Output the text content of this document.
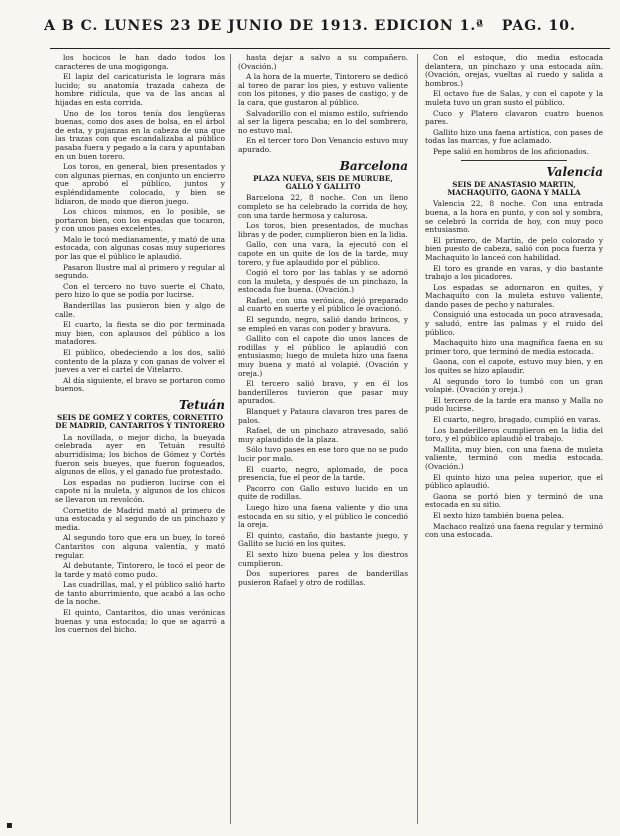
A B C. LUNES 23 DE JUNIO DE 1913. EDICION 1.ª PAG. 10.

los hocicos le han dado todos los caracteres de una mogigonga.

El lapiz del caricaturista le lograra más lucido; su anatomía trazada caheza de hombre ridícula, que va de las ancas al hijadas en esta corrida.

Uno de los toros tenía dos lengüeras buenas, como dos ases de bolsa, en el árbol de esta, y pujanzas en la cabeza de una que las trazas con que escandalizaba al público pasaba fuera y pegado a la cara y apuntaban en un buen torero.

Los toros, en general, bien presentados y con algunas piernas, en conjunto un encierro que aprobó el público, juntos y espléndidamente colocado, y bien se lidiaron, de modo que dieron juego.

Los chicos mismos, en lo posible, se portaron bien, con los espadas que tocaron, y con unos pases excelentes.

Malo le tocó medianamente, y mató de una estocada, con algunas cosas muy superiores por las que el público le aplaudió.

Pasaron Ilustre mal al primero y regular al segundo.

Con el tercero no tuvo suerte el Chato, pero hizo lo que se podía por lucirse.

Banderillas las pusieron bien y algo de calle.

El cuarto, la fiesta se dio por terminada muy bien, con aplausos del público a los matadores.

El público, obedeciendo a los dos, salió contento de la plaza y con ganas de volver el jueves a ver el cartel de Vitelarro.

Al día siguiente, el bravo se portaron como buenos.

Tetuán
SEIS DE GOMEZ Y CORTES, CORNETITO DE MADRID, CANTARITOS Y TINTORERO

La novillada, o mejor dicho, la bueyada celebrada ayer en Tetuán resultó aburridísima; los bichos de Gómez y Cortés fueron seis bueyes, que fueron fogueados, algunos de ellos, y el ganado fue protestado.

Los espadas no pudieron lucirse con el capote ni la muleta, y algunos de los chicos se llevaron un revolcón.

Cornetito de Madrid mató al primero de una estocada y al segundo de un pinchazo y media.

Al segundo toro que era un buey, lo toreó Cantaritos con alguna valentía, y mató regular.

Al debutante, Tintorero, le tocó el peor de la tarde y mató como pudo.

Las cuadrillas, mal, y el público salió harto de tanto aburrimiento, que acabó a las ocho de la noche.

El quinto, Cantaritos, dio unas verónicas buenas y una estocada; lo que se agarró a los cuernos del bicho.

hasta dejar a salvo a su compañero. (Ovación.)

A la hora de la muerte, Tintorero se dedicó al toreo de parar los pies, y estuvo valiente con los pitones, y dio pases de castigo, y de la cara, que gustaron al público.

Salvadorillo con el mismo estilo, sufriendo al ser la ligera pescaba; en lo del sombrero, no estuvo mal.

En el tercer toro Don Venancio estuvo muy apurado.

Barcelona
PLAZA NUEVA, SEIS DE MURUBE, GALLO Y GALLITO

Barcelona 22, 8 noche. Con un lleno completo se ha celebrado la corrida de hoy, con una tarde hermosa y calurosa.

Los toros, bien presentados, de muchas libras y de poder, cumplieron bien en la lidia.

Gallo, con una vara, la ejecutó con el capote en un quite de los de la tarde, muy torero, y fue aplaudido por el público.

Cogió el toro por las tablas y se adornó con la muleta, y después de un pinchazo, la estocada fue buena. (Ovación.)

Rafael, con una verónica, dejó preparado al cuarto en suerte y el público le ovacionó.

El segundo, negro, salió dando brincos, y se empleó en varas con poder y bravura.

Gallito con el capote dio unos lances de rodillas y el público le aplaudió con entusiasmo; luego de muleta hizo una faena muy buena y mató al volapié. (Ovación y oreja.)

El tercero salió bravo, y en él los banderilleros tuvieron que pasar muy apurados.

Blanquet y Pataura clavaron tres pares de palos.

Rafael, de un pinchazo atravesado, salió muy aplaudido de la plaza.

Sólo tuvo pases en ese toro que no se pudo lucir por malo.

El cuarto, negro, aplomado, de poca presencia, fue el peor de la tarde.

Pacorro con Gallo estuvo lucido en un quite de rodillas.

Luego hizo una faena valiente y dio una estocada en su sitio, y el público le concedió la oreja.

El quinto, castaño, dio bastante juego, y Gallito se lució en los quites.

El sexto hizo buena pelea y los diestros cumplieron.

Dos superiores pares de banderillas pusieron Rafael y otro de rodillas.

Con el estoque, dio media estocada delantera, un pinchazo y una estocada aíin. (Ovación, orejas, vueltas al ruedo y salida a hombros.)

El octavo fue de Salas, y con el capote y la muleta tuvo un gran susto el público.

Cuco y Platero clavaron cuatro buenos pares.

Gallito hizo una faena artística, con pases de todas las marcas, y fue aclamado.

Pepe salió en hombros de los aficionados.

Valencia
SEIS DE ANASTASIO MARTIN, MACHAQUITO, GAONA Y MALLA

Valencia 22, 8 noche. Con una entrada buena, a la hora en punto, y con sol y sombra, se celebró la corrida de hoy, con muy poco entusiasmo.

El primero, de Martín, de pelo colorado y bien puesto de cabeza, salió con poca fuerza y Machaquito lo lanceó con habilidad.

El toro es grande en varas, y dio bastante trabajo a los picadores.

Los espadas se adornaron en quites, y Machaquito con la muleta estuvo valiente, dando pases de pecho y naturales.

Consiguió una estocada un poco atravesada, y saludó, entre las palmas y el ruido del público.

Machaquito hizo una magnífica faena en su primer toro, que terminó de media estocada.

Gaona, con el capote, estuvo muy bien, y en los quites se hizo aplaudir.

Al segundo toro lo tumbó con un gran volapié. (Ovación y oreja.)

El tercero de la tarde era manso y Malla no pudo lucirse.

El cuarto, negro, bragado, cumplió en varas.

Los banderilleros cumplieron en la lidia del toro, y el público aplaudió el trabajo.

Mallita, muy bien, con una faena de muleta valiente, terminó con media estocada. (Ovación.)

El quinto hizo una pelea superior, que el público aplaudió.

Gaona se portó bien y terminó de una estocada en su sitio.

El sexto hizo también buena pelea.

Machaco realizó una faena regular y terminó con una estocada.

▪
